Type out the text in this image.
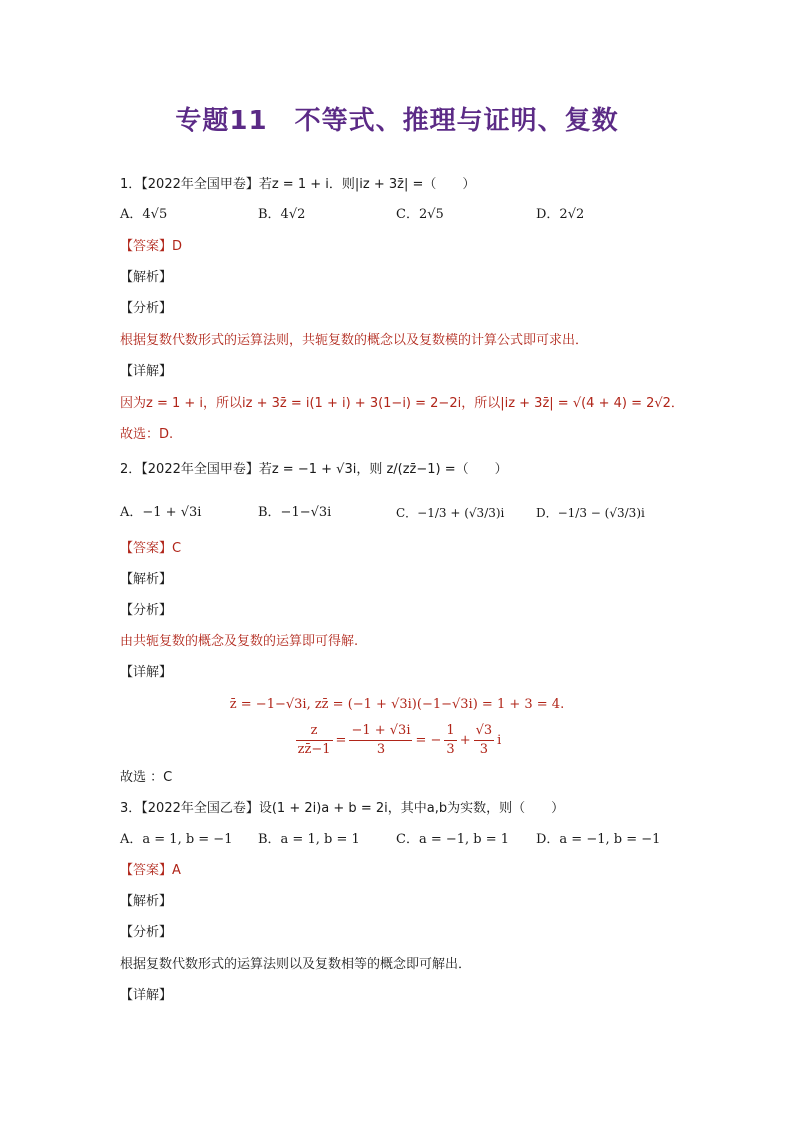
专题11　不等式、推理与证明、复数
1．【2022年全国甲卷】若z = 1 + i．则|iz + 3z̄| =（　　）
A．4√5	B．4√2	C．2√5	D．2√2
【答案】D
【解析】
【分析】
根据复数代数形式的运算法则，共轭复数的概念以及复数模的计算公式即可求出．
【详解】
因为z = 1 + i，所以iz + 3z̄ = i(1 + i) + 3(1−i) = 2−2i，所以|iz + 3z̄| = √(4 + 4) = 2√2．
故选：D.
2．【2022年全国甲卷】若z = −1 + √3i，则 z/(zz̄−1) =（　　）
A．−1 + √3i	B．−1−√3i	C．−1/3 + (√3/3)i	D．−1/3 − (√3/3)i
【答案】C
【解析】
【分析】
由共轭复数的概念及复数的运算即可得解.
【详解】
z̄ = −1−√3i, zz̄ = (−1 + √3i)(−1−√3i) = 1 + 3 = 4.
$\frac{z}{zz̄-1} = \frac{-1 + √3i}{3}$ = − $\frac{1}{3} + \frac{√3}{3}$ i
故选 ：C
3．【2022年全国乙卷】设(1 + 2i)a + b = 2i，其中a,b为实数，则（　　）
A．a = 1, b = −1 B．a = 1, b = 1	C．a = −1, b = 1 D．a = −1, b = −1
【答案】A
【解析】
【分析】
根据复数代数形式的运算法则以及复数相等的概念即可解出．
【详解】
